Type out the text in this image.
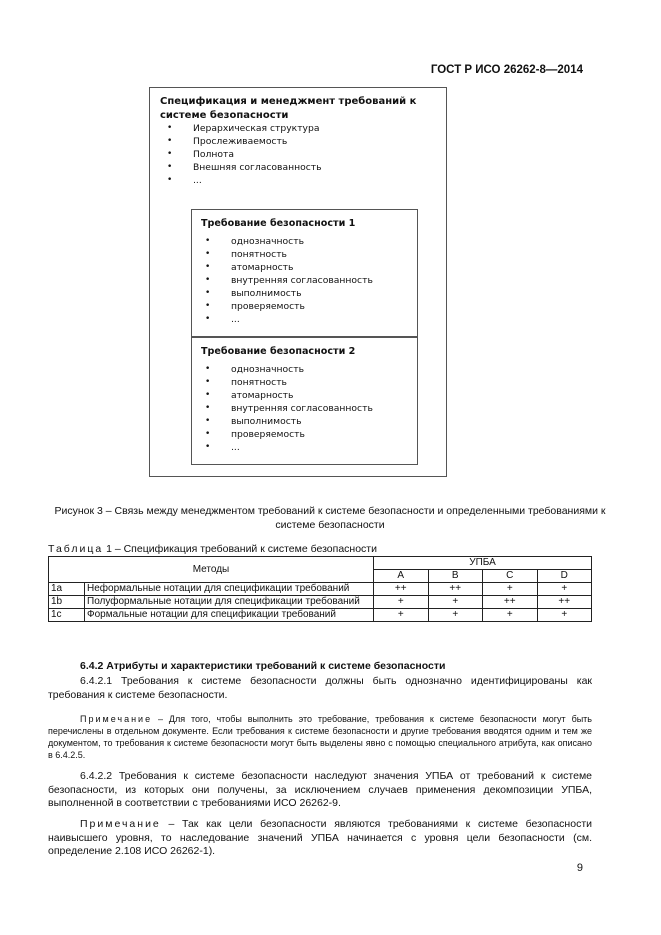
ГОСТ Р ИСО 26262-8—2014
Спецификация и менеджмент требований к системе безопасности
• Иерархическая структура
• Прослеживаемость
• Полнота
• Внешняя согласованность
• ...
Требование безопасности 1
• однозначность
• понятность
• атомарность
• внутренняя согласованность
• выполнимость
• проверяемость
• ...
Требование безопасности 2
• однозначность
• понятность
• атомарность
• внутренняя согласованность
• выполнимость
• проверяемость
• ...
Рисунок 3 – Связь между менеджментом требований к системе безопасности и определенными требованиями к системе безопасности
Таблица 1 – Спецификация требований к системе безопасности
Методы		УПБА			
		A	B	C	D
1a	Неформальные нотации для спецификации требований	++	++	+	+
1b	Полуформальные нотации для спецификации требований	+	+	++	++
1c	Формальные нотации для спецификации требований	+	+	+	+
6.4.2 Атрибуты и характеристики требований к системе безопасности
6.4.2.1 Требования к системе безопасности должны быть однозначно идентифицированы как требования к системе безопасности.
Примечание – Для того, чтобы выполнить это требование, требования к системе безопасности могут быть перечислены в отдельном документе. Если требования к системе безопасности и другие требования вводятся одним и тем же документом, то требования к системе безопасности могут быть выделены явно с помощью специального атрибута, как описано в 6.4.2.5.
6.4.2.2 Требования к системе безопасности наследуют значения УПБА от требований к системе безопасности, из которых они получены, за исключением случаев применения декомпозиции УПБА, выполненной в соответствии с требованиями ИСО 26262-9.
Примечание – Так как цели безопасности являются требованиями к системе безопасности наивысшего уровня, то наследование значений УПБА начинается с уровня цели безопасности (см. определение 2.108 ИСО 26262-1).
9
